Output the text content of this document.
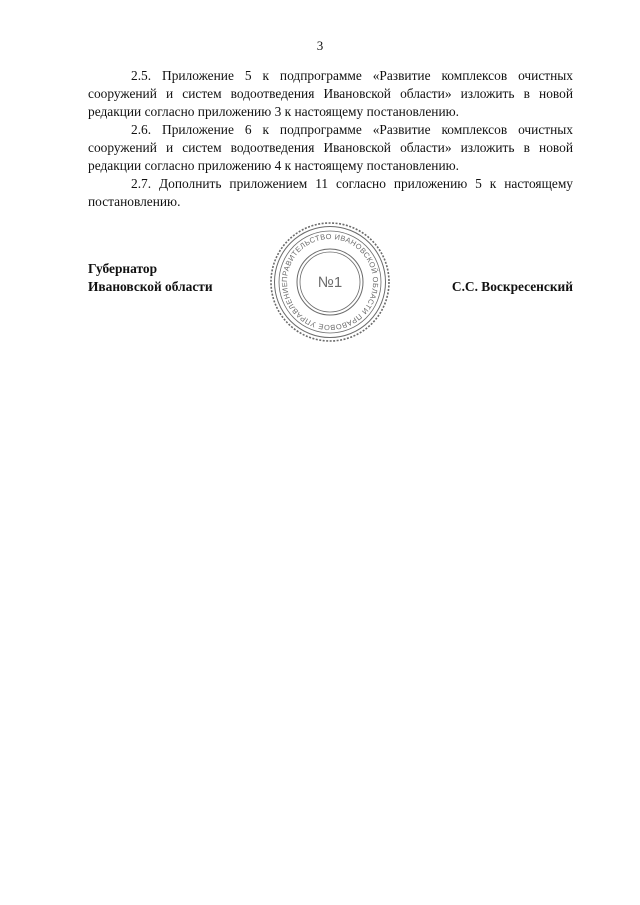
3

2.5. Приложение 5 к подпрограмме «Развитие комплексов очистных сооружений и систем водоотведения Ивановской области» изложить в новой редакции согласно приложению 3 к настоящему постановлению.

2.6. Приложение 6 к подпрограмме «Развитие комплексов очистных сооружений и систем водоотведения Ивановской области» изложить в новой редакции согласно приложению 4 к настоящему постановлению.

2.7. Дополнить приложением 11 согласно приложению 5 к настоящему постановлению.

Губернатор
Ивановской области	ПРАВИТЕЛЬСТВО ИВАНОВСКОЙ ОБЛАСТИ ПРАВОВОЕ УПРАВЛЕНИЕ	№1	С.С. Воскресенский
